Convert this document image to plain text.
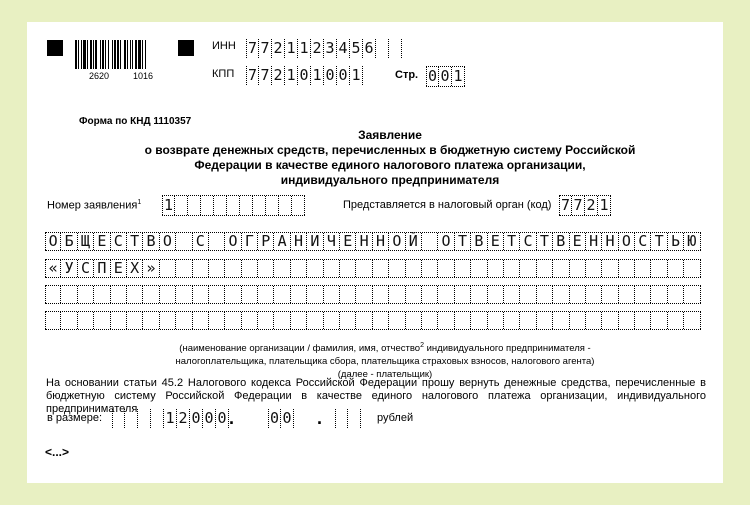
2620	1016
ИНН 7 7 2 1 1 2 3 4 5 6
КПП 7 7 2 1 0 1 0 0 1	Стр. 0 0 1
Форма по КНД 1110357
Заявление
о возврате денежных средств, перечисленных в бюджетную систему Российской
Федерации в качестве единого налогового платежа организации,
индивидуального предпринимателя
Номер заявления$^1$ 1	Представляется в налоговый орган (код) 7 7 2 1
О Б Щ Е С Т В О С О Г Р А Н И Ч Е Н Н О Й О Т В Е Т С Т В Е Н Н О С Т Ь Ю
« У С П Е Х »
(наименование организации / фамилия, имя, отчество$^2$ индивидуального предпринимателя -
налогоплательщика, плательщика сбора, плательщика страховых взносов, налогового агента) (далее - плательщик)
На основании статьи 45.2 Налогового кодекса Российской Федерации прошу вернуть денежные средства, перечисленные в бюджетную систему Российской Федерации в качестве единого налогового платежа организации, индивидуального предпринимателя
в размере:	1 2 0 0 0 . 0 0 .	рублей
<...>
